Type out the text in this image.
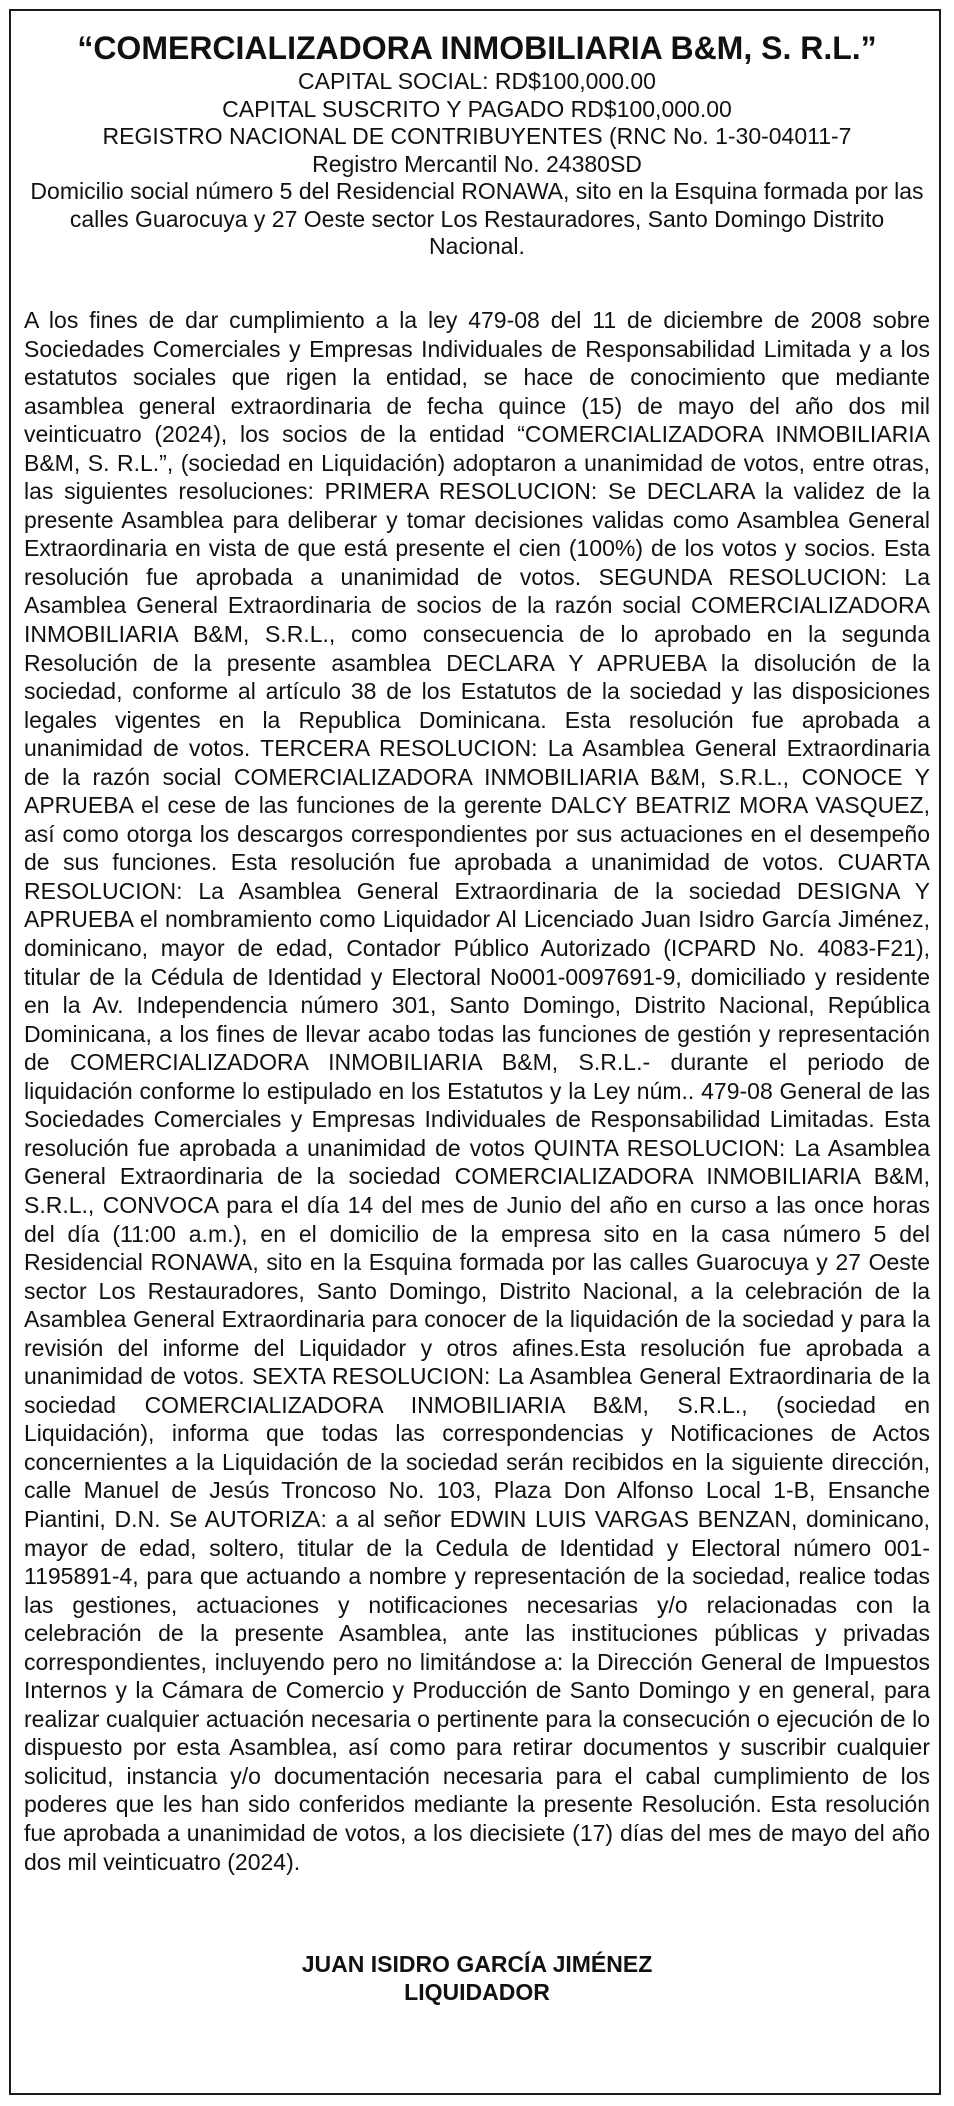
“COMERCIALIZADORA INMOBILIARIA B&M, S. R.L.”

CAPITAL SOCIAL: RD$100,000.00

CAPITAL SUSCRITO Y PAGADO RD$100,000.00

REGISTRO NACIONAL DE CONTRIBUYENTES (RNC No. 1-30-04011-7

Registro Mercantil No. 24380SD

Domicilio social número 5 del Residencial RONAWA, sito en la Esquina formada por las calles Guarocuya y 27 Oeste sector Los Restauradores, Santo Domingo Distrito Nacional.

A los fines de dar cumplimiento a la ley 479-08 del 11 de diciembre de 2008 sobre Sociedades Comerciales y Empresas Individuales de Responsabilidad Limitada y a los estatutos sociales que rigen la entidad, se hace de conocimiento que mediante asamblea general extraordinaria de fecha quince (15) de mayo del año dos mil veinticuatro (2024), los socios de la entidad “COMERCIALIZADORA INMOBILIARIA B&M, S. R.L.”, (sociedad en Liquidación) adoptaron a unanimidad de votos, entre otras, las siguientes resoluciones: PRIMERA RESOLUCION: Se DECLARA la validez de la presente Asamblea para deliberar y tomar decisiones validas como Asamblea General Extraordinaria en vista de que está presente el cien (100%) de los votos y socios. Esta resolución fue aprobada a unanimidad de votos. SEGUNDA RESOLUCION: La Asamblea General Extraordinaria de socios de la razón social COMERCIALIZADORA INMOBILIARIA B&M, S.R.L., como consecuencia de lo aprobado en la segunda Resolución de la presente asamblea DECLARA Y APRUEBA la disolución de la sociedad, conforme al artículo 38 de los Estatutos de la sociedad y las disposiciones legales vigentes en la Republica Dominicana. Esta resolución fue aprobada a unanimidad de votos. TERCERA RESOLUCION: La Asamblea General Extraordinaria de la razón social COMERCIALIZADORA INMOBILIARIA B&M, S.R.L., CONOCE Y APRUEBA el cese de las funciones de la gerente DALCY BEATRIZ MORA VASQUEZ, así como otorga los descargos correspondientes por sus actuaciones en el desempeño de sus funciones. Esta resolución fue aprobada a unanimidad de votos. CUARTA RESOLUCION: La Asamblea General Extraordinaria de la sociedad DESIGNA Y APRUEBA el nombramiento como Liquidador Al Licenciado Juan Isidro García Jiménez, dominicano, mayor de edad, Contador Público Autorizado (ICPARD No. 4083-F21), titular de la Cédula de Identidad y Electoral No001-0097691-9, domiciliado y residente en la Av. Independencia número 301, Santo Domingo, Distrito Nacional, República Dominicana, a los fines de llevar acabo todas las funciones de gestión y representación de COMERCIALIZADORA INMOBILIARIA B&M, S.R.L.- durante el periodo de liquidación conforme lo estipulado en los Estatutos y la Ley núm.. 479-08 General de las Sociedades Comerciales y Empresas Individuales de Responsabilidad Limitadas. Esta resolución fue aprobada a unanimidad de votos QUINTA RESOLUCION: La Asamblea General Extraordinaria de la sociedad COMERCIALIZADORA INMOBILIARIA B&M, S.R.L., CONVOCA para el día 14 del mes de Junio del año en curso a las once horas del día (11:00 a.m.), en el domicilio de la empresa sito en la casa número 5 del Residencial RONAWA, sito en la Esquina formada por las calles Guarocuya y 27 Oeste sector Los Restauradores, Santo Domingo, Distrito Nacional, a la celebración de la Asamblea General Extraordinaria para conocer de la liquidación de la sociedad y para la revisión del informe del Liquidador y otros afines.Esta resolución fue aprobada a unanimidad de votos. SEXTA RESOLUCION: La Asamblea General Extraordinaria de la sociedad COMERCIALIZADORA INMOBILIARIA B&M, S.R.L., (sociedad en Liquidación), informa que todas las correspondencias y Notificaciones de Actos concernientes a la Liquidación de la sociedad serán recibidos en la siguiente dirección, calle Manuel de Jesús Troncoso No. 103, Plaza Don Alfonso Local 1-B, Ensanche Piantini, D.N. Se AUTORIZA: a al señor EDWIN LUIS VARGAS BENZAN, dominicano, mayor de edad, soltero, titular de la Cedula de Identidad y Electoral número 001-1195891-4, para que actuando a nombre y representación de la sociedad, realice todas las gestiones, actuaciones y notificaciones necesarias y/o relacionadas con la celebración de la presente Asamblea, ante las instituciones públicas y privadas correspondientes, incluyendo pero no limitándose a: la Dirección General de Impuestos Internos y la Cámara de Comercio y Producción de Santo Domingo y en general, para realizar cualquier actuación necesaria o pertinente para la consecución o ejecución de lo dispuesto por esta Asamblea, así como para retirar documentos y suscribir cualquier solicitud, instancia y/o documentación necesaria para el cabal cumplimiento de los poderes que les han sido conferidos mediante la presente Resolución. Esta resolución fue aprobada a unanimidad de votos, a los diecisiete (17) días del mes de mayo del año dos mil veinticuatro (2024).

JUAN ISIDRO GARCÍA JIMÉNEZ

LIQUIDADOR
